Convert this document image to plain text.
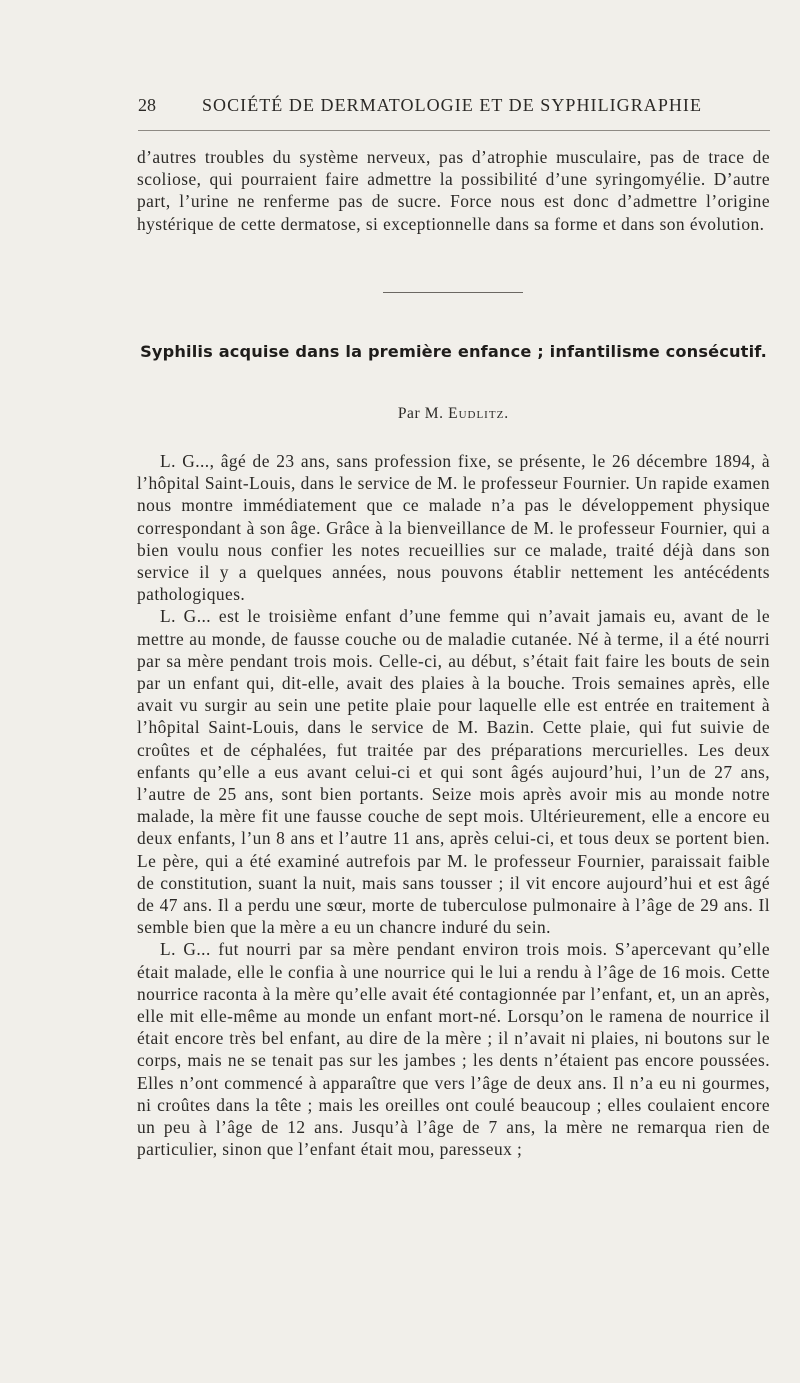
28	SOCIÉTÉ DE DERMATOLOGIE ET DE SYPHILIGRAPHIE

d’autres troubles du système nerveux, pas d’atrophie musculaire, pas de trace de scoliose, qui pourraient faire admettre la possibilité d’une syringomyélie. D’autre part, l’urine ne renferme pas de sucre. Force nous est donc d’admettre l’origine hystérique de cette dermatose, si exceptionnelle dans sa forme et dans son évolution.

Syphilis acquise dans la première enfance ; infantilisme consécutif.
Par M. Eudlitz.

L. G..., âgé de 23 ans, sans profession fixe, se présente, le 26 décembre 1894, à l’hôpital Saint-Louis, dans le service de M. le professeur Fournier. Un rapide examen nous montre immédiatement que ce malade n’a pas le développement physique correspondant à son âge. Grâce à la bienveillance de M. le professeur Fournier, qui a bien voulu nous confier les notes recueillies sur ce malade, traité déjà dans son service il y a quelques années, nous pouvons établir nettement les antécédents pathologiques.

L. G... est le troisième enfant d’une femme qui n’avait jamais eu, avant de le mettre au monde, de fausse couche ou de maladie cutanée. Né à terme, il a été nourri par sa mère pendant trois mois. Celle-ci, au début, s’était fait faire les bouts de sein par un enfant qui, dit-elle, avait des plaies à la bouche. Trois semaines après, elle avait vu surgir au sein une petite plaie pour laquelle elle est entrée en traitement à l’hôpital Saint-Louis, dans le service de M. Bazin. Cette plaie, qui fut suivie de croûtes et de céphalées, fut traitée par des préparations mercurielles. Les deux enfants qu’elle a eus avant celui-ci et qui sont âgés aujourd’hui, l’un de 27 ans, l’autre de 25 ans, sont bien portants. Seize mois après avoir mis au monde notre malade, la mère fit une fausse couche de sept mois. Ultérieurement, elle a encore eu deux enfants, l’un 8 ans et l’autre 11 ans, après celui-ci, et tous deux se portent bien. Le père, qui a été examiné autrefois par M. le professeur Fournier, paraissait faible de constitution, suant la nuit, mais sans tousser ; il vit encore aujourd’hui et est âgé de 47 ans. Il a perdu une sœur, morte de tuberculose pulmonaire à l’âge de 29 ans. Il semble bien que la mère a eu un chancre induré du sein.

L. G... fut nourri par sa mère pendant environ trois mois. S’apercevant qu’elle était malade, elle le confia à une nourrice qui le lui a rendu à l’âge de 16 mois. Cette nourrice raconta à la mère qu’elle avait été contagionnée par l’enfant, et, un an après, elle mit elle-même au monde un enfant mort-né. Lorsqu’on le ramena de nourrice il était encore très bel enfant, au dire de la mère ; il n’avait ni plaies, ni boutons sur le corps, mais ne se tenait pas sur les jambes ; les dents n’étaient pas encore poussées. Elles n’ont commencé à apparaître que vers l’âge de deux ans. Il n’a eu ni gourmes, ni croûtes dans la tête ; mais les oreilles ont coulé beaucoup ; elles coulaient encore un peu à l’âge de 12 ans. Jusqu’à l’âge de 7 ans, la mère ne remarqua rien de particulier, sinon que l’enfant était mou, paresseux ;
